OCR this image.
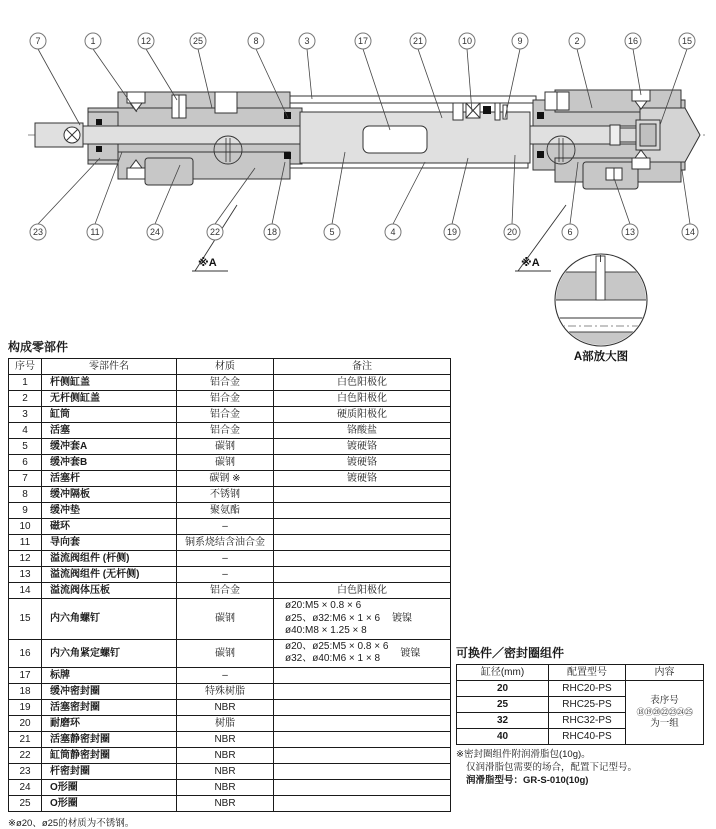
※A	※A
A部放大图
7	1	12	25	8	3	17	21	10	9	2	16	15
23	11	24	22	18	5	4	19	20	6	13	14
构成零部件
序号	零部件名	材质	备注
1	杆侧缸盖	铝合金	白色阳极化
2	无杆侧缸盖	铝合金	白色阳极化
3	缸筒	铝合金	硬质阳极化
4	活塞	铝合金	铬酸盐
5	缓冲套A	碳钢	镀硬铬
6	缓冲套B	碳钢	镀硬铬
7	活塞杆	碳钢 ※	镀硬铬
8	缓冲隔板	不锈钢	
9	缓冲垫	聚氨酯	
10	磁环	–	
11	导向套	铜系烧结含油合金	
12	溢流阀组件 (杆侧)	–	
13	溢流阀组件 (无杆侧)	–	
14	溢流阀体压板	铝合金	白色阳极化
15	内六角螺钉	碳钢	ø20:M5 × 0.8 × 6
ø25、ø32:M6 × 1 × 6
ø40:M8 × 1.25 × 8
镀镍

16	内六角紧定螺钉	碳钢	ø20、ø25:M5 × 0.8 × 6
ø32、ø40:M6 × 1 × 8 镀镍

17	标牌	–	
18	缓冲密封圈	特殊树脂	
19	活塞密封圈	NBR	
20	耐磨环	树脂	
21	活塞静密封圈	NBR	
22	缸筒静密封圈	NBR	
23	杆密封圈	NBR	
24	O形圈	NBR	
25	O形圈	NBR	
※ø20、ø25的材质为不锈钢。
可换件／密封圈组件
缸径(mm)	配置型号	内容
20	RHC20-PS	表序号
⑱⑲⑳㉒㉓㉔㉕
为一组

25	RHC25-PS	
32	RHC32-PS	
40	RHC40-PS	
※密封圈组件附润滑脂包(10g)。
仅润滑脂包需要的场合，配置下记型号。
润滑脂型号：GR-S-010(10g)
